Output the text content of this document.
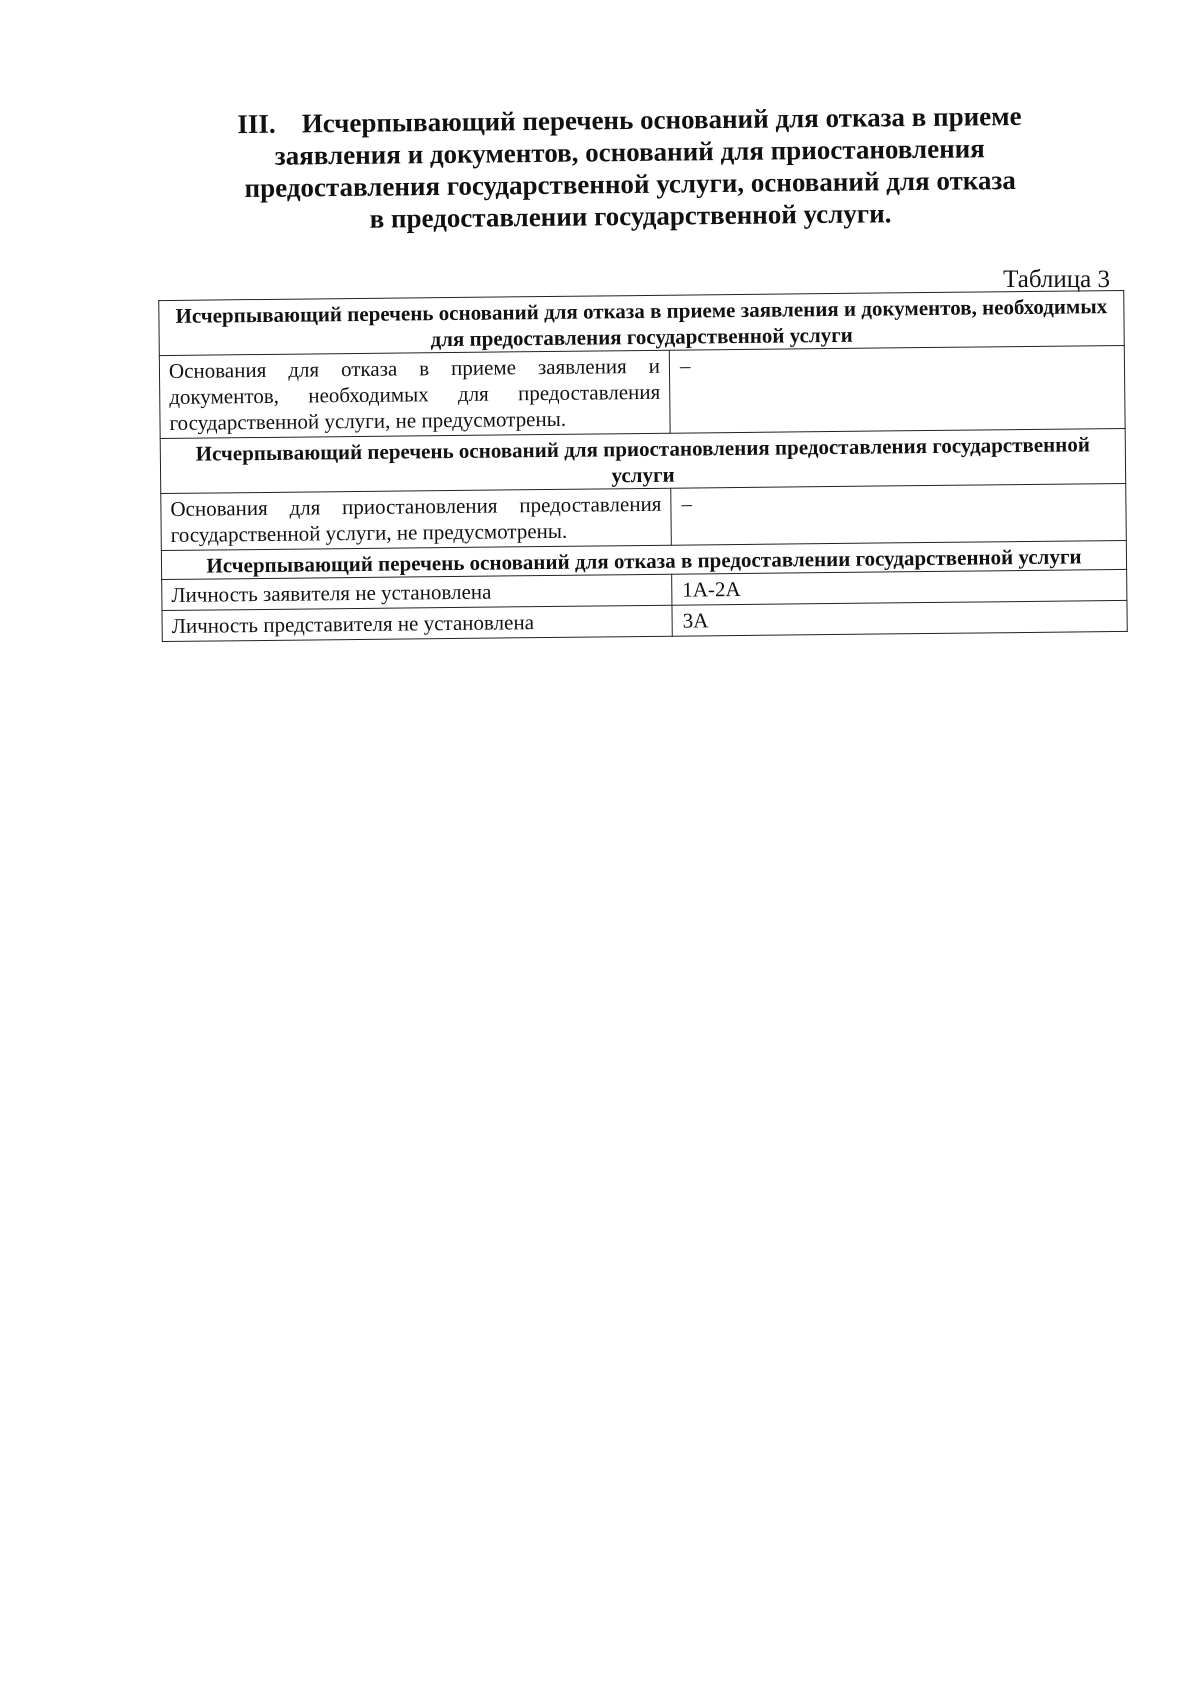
III. Исчерпывающий перечень оснований для отказа в приеме
заявления и документов, оснований для приостановления
предоставления государственной услуги, оснований для отказа
в предоставлении государственной услуги.
Таблица 3
Исчерпывающий перечень оснований для отказа в приеме заявления и документов, необходимых для предоставления государственной услуги	
Основания для отказа в приеме заявления и документов, необходимых для предоставления государственной услуги, не предусмотрены.	–
Исчерпывающий перечень оснований для приостановления предоставления государственной услуги	
Основания для приостановления предоставления государственной услуги, не предусмотрены.	–
Исчерпывающий перечень оснований для отказа в предоставлении государственной услуги	
Личность заявителя не установлена	1А-2А
Личность представителя не установлена	3А
